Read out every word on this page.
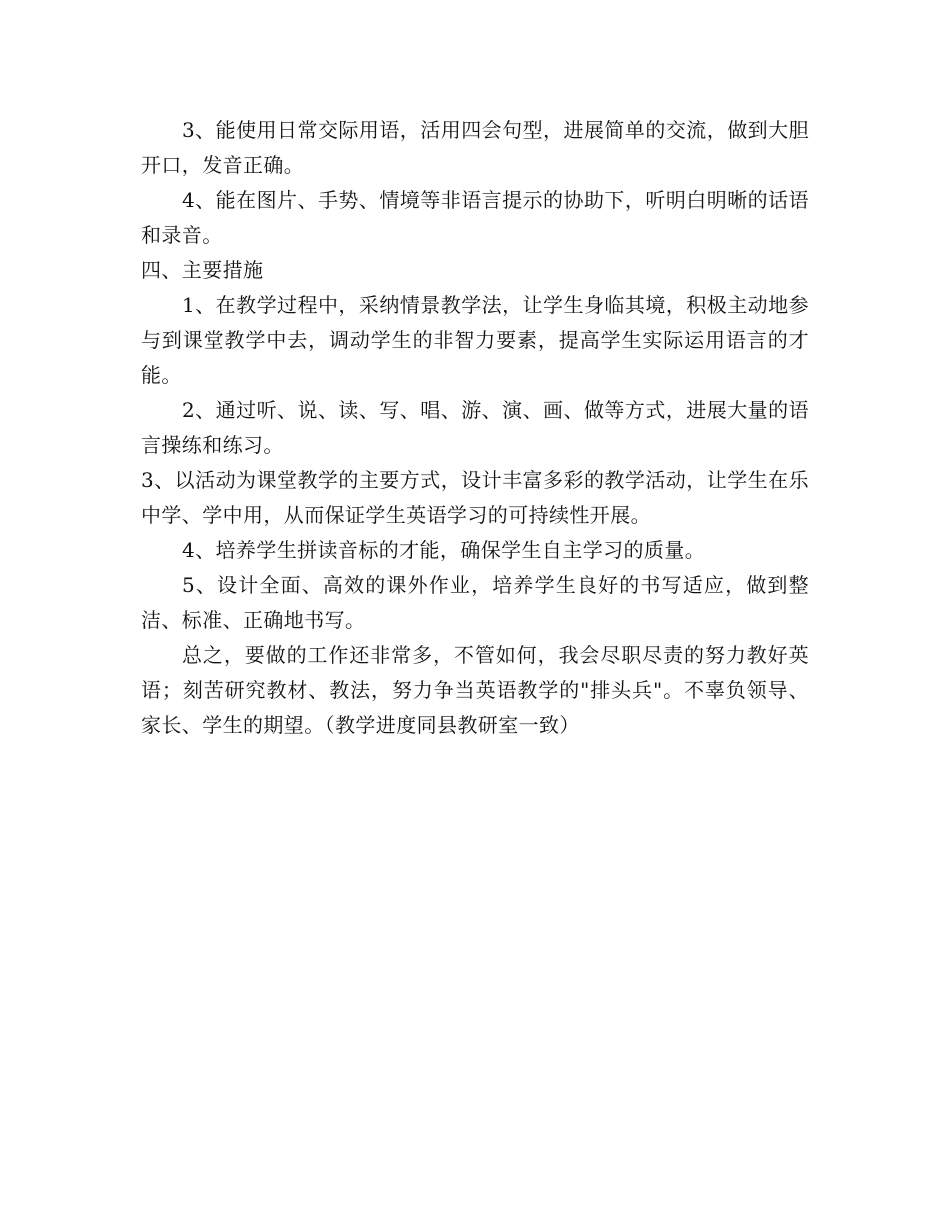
3、能使用日常交际用语，活用四会句型，进展简单的交流，做到大胆开口，发音正确。

4、能在图片、手势、情境等非语言提示的协助下，听明白明晰的话语和录音。

四、主要措施

1、在教学过程中，采纳情景教学法，让学生身临其境，积极主动地参与到课堂教学中去，调动学生的非智力要素，提高学生实际运用语言的才能。

2、通过听、说、读、写、唱、游、演、画、做等方式，进展大量的语言操练和练习。

3、以活动为课堂教学的主要方式，设计丰富多彩的教学活动，让学生在乐中学、学中用，从而保证学生英语学习的可持续性开展。

4、培养学生拼读音标的才能，确保学生自主学习的质量。

5、设计全面、高效的课外作业，培养学生良好的书写适应，做到整洁、标准、正确地书写。

总之，要做的工作还非常多，不管如何，我会尽职尽责的努力教好英语；刻苦研究教材、教法，努力争当英语教学的"排头兵"。不辜负领导、家长、学生的期望。（教学进度同县教研室一致）
